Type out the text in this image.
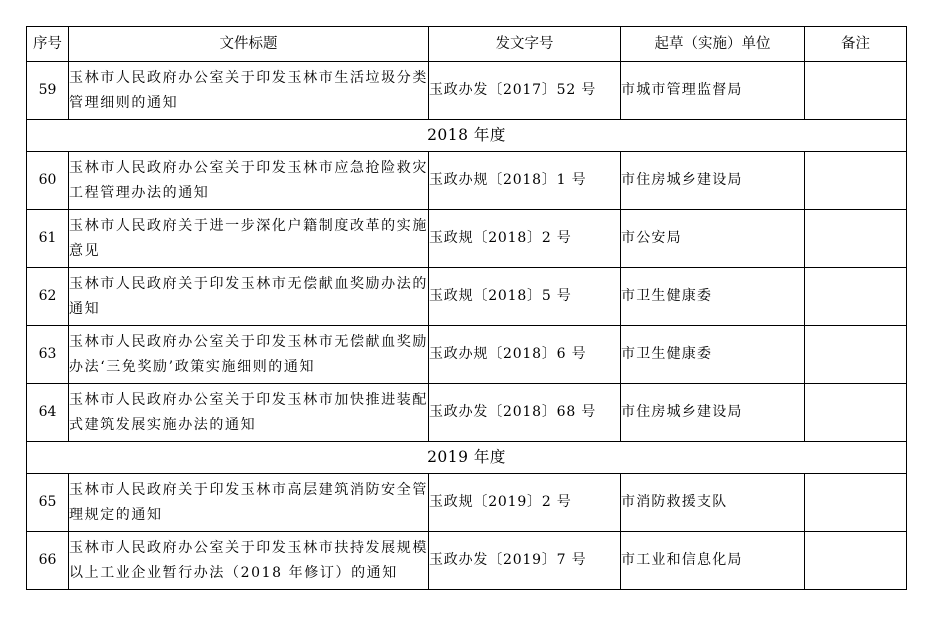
序号	文件标题	发文字号	起草（实施）单位	备注
59	玉林市人民政府办公室关于印发玉林市生活垃圾分类管理细则的通知	玉政办发〔2017〕52 号	市城市管理监督局	
2018 年度				
60	玉林市人民政府办公室关于印发玉林市应急抢险救灾工程管理办法的通知	玉政办规〔2018〕1 号	市住房城乡建设局	
61	玉林市人民政府关于进一步深化户籍制度改革的实施意见	玉政规〔2018〕2 号	市公安局	
62	玉林市人民政府关于印发玉林市无偿献血奖励办法的通知	玉政规〔2018〕5 号	市卫生健康委	
63	玉林市人民政府办公室关于印发玉林市无偿献血奖励办法‘三免奖励’政策实施细则的通知	玉政办规〔2018〕6 号	市卫生健康委	
64	玉林市人民政府办公室关于印发玉林市加快推进装配式建筑发展实施办法的通知	玉政办发〔2018〕68 号	市住房城乡建设局	
2019 年度				
65	玉林市人民政府关于印发玉林市高层建筑消防安全管理规定的通知	玉政规〔2019〕2 号	市消防救援支队	
66	玉林市人民政府办公室关于印发玉林市扶持发展规模以上工业企业暂行办法（2018 年修订）的通知	玉政办发〔2019〕7 号	市工业和信息化局	
